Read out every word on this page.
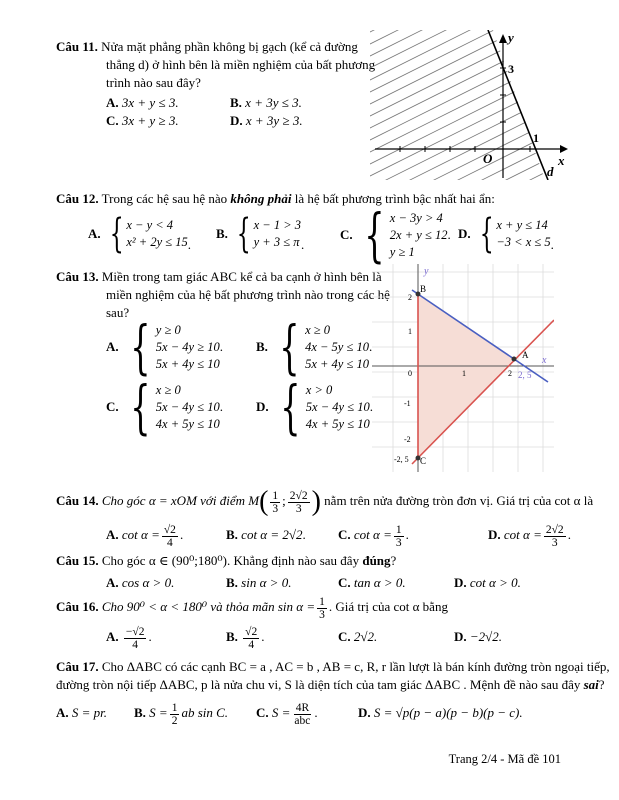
Câu 11. Nửa mặt phẳng phần không bị gạch (kể cả đường
thẳng d) ở hình bên là miền nghiệm của bất phương
trình nào sau đây?
A. 3x + y ≤ 3.	B. x + 3y ≤ 3.
C. 3x + y ≥ 3.	D. x + 3y ≥ 3.
y
x
O
3
1
d
Câu 12. Trong các hệ sau hệ nào không phải là hệ bất phương trình bậc nhất hai ẩn:
A.
{ x − y < 4
x² + 2y ≤ 15 .
B.
{ x − 1 > 3
y + 3 ≤ π .
C.
{ x − 3y > 4
2x + y ≤ 12
y ≥ 1
. D.
{ x + y ≤ 14
−3 < x ≤ 5 .
Câu 13. Miền trong tam giác ABC kể cả ba cạnh ở hình bên là
miền nghiệm của hệ bất phương trình nào trong các hệ
sau?
A.
{ y ≥ 0
5x − 4y ≥ 10
5x + 4y ≤ 10
.	B.
{ x ≥ 0
4x − 5y ≤ 10
5x + 4y ≤ 10
.
C.
{ x ≥ 0
5x − 4y ≤ 10
4x + 5y ≤ 10
.	D.
{ x > 0
5x − 4y ≤ 10
4x + 5y ≤ 10
.
y
x
0	1	2
2
1
-1
-2
-2, 5
B
A
C
2, 5
Câu 14. Cho góc α = xOM với điểm $M( \frac{1}{3}$ ; $\frac{2√2}{3}$ ) nằm trên nửa đường tròn đơn vị. Giá trị của cot α là
A. $\cot \alpha = \frac{√2}{4}$ .	B. cot α = 2√2. C. $\cot \alpha = \frac{1}{3}$ .	D. $\cot \alpha = \frac{2√2}{3}$ .
Câu 15. Cho góc α ∈ (90⁰;180⁰). Khẳng định nào sau đây đúng?
A. cos α > 0.	B. sin α > 0.	C. tan α > 0.	D. cot α > 0.
Câu 16. Cho 90⁰ < α < 180⁰ và thỏa mãn $\sin \alpha = \frac{1}{3}$ . Giá trị của cot α bằng
A. $\frac{-√2}{4}$ .	B. $\frac{√2}{4}$ .	C. 2√2.	D. −2√2.
Câu 17. Cho ΔABC có các cạnh BC = a , AC = b , AB = c, R, r lần lượt là bán kính đường tròn ngoại tiếp,
đường tròn nội tiếp ΔABC, p là nửa chu vi, S là diện tích của tam giác ΔABC . Mệnh đề nào sau đây sai?
A. S = pr. B. $S = \frac{1}{2}$ ab sin C. C. $S = \frac{4R}{\text{abc}}$ .	D. S = √p(p − a)(p − b)(p − c).
Trang 2/4 - Mã đề 101
